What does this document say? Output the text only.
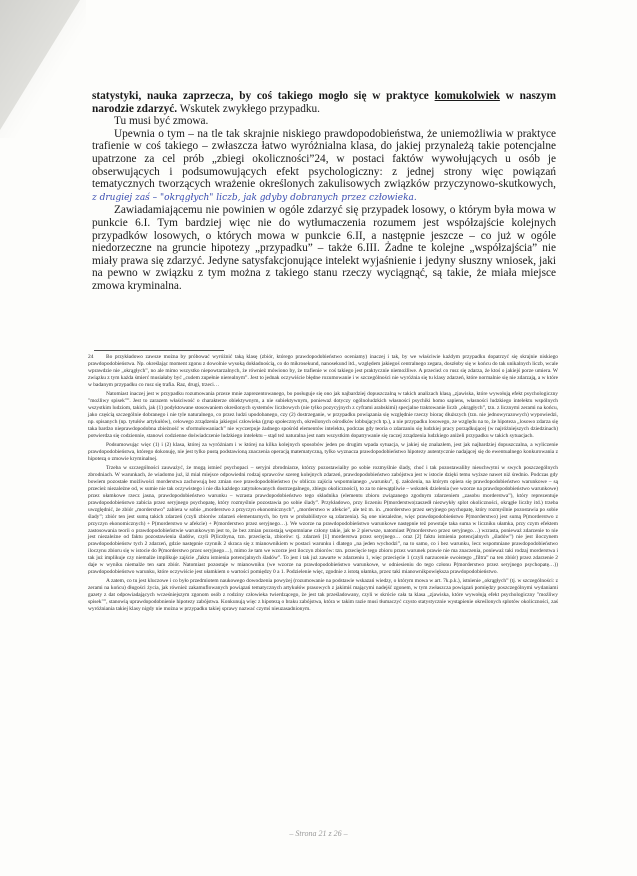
statystyki, nauka zaprzecza, by coś takiego mogło się w praktyce komukolwiek w naszym narodzie zdarzyć. Wskutek zwykłego przypadku.

Tu musi być zmowa.

Upewnia o tym – na tle tak skrajnie niskiego prawdopodobieństwa, że uniemożliwia w praktyce trafienie w coś takiego – zwłaszcza łatwo wyróżnialna klasa, do jakiej przynależą takie potencjalne upatrzone za cel prób „zbiegi okoliczności”24, w postaci faktów wywołujących u osób je obserwujących i podsumowujących efekt psychologiczny: z jednej strony więc powiązań tematycznych tworzących wrażenie określonych zakulisowych związków przyczynowo-skutkowych, z drugiej zaś – "okrągłych" liczb, jak gdyby dobranych przez człowieka.

Zawiadamiającemu nie powinien w ogóle zdarzyć się przypadek losowy, o którym była mowa w punkcie 6.I. Tym bardziej więc nie do wytłumaczenia rozumem jest współzajście kolejnych przypadków losowych, o których mowa w punkcie 6.II, a następnie jeszcze – co już w ogóle niedorzeczne na gruncie hipotezy „przypadku” – także 6.III. Żadne te kolejne „współzajścia” nie miały prawa się zdarzyć. Jedyne satysfakcjonujące intelekt wyjaśnienie i jedyny słuszny wniosek, jaki na pewno w związku z tym można z takiego stanu rzeczy wyciągnąć, są takie, że miała miejsce zmowa kryminalna.

24 Bo przykładowo zawsze można by próbować wyróżnić taką klasę (zbiór, którego prawdopodobieństwo oceniamy) inaczej i tak, by we właściwie każdym przypadku dopatrzyć się skrajnie niskiego prawdopodobieństwa. Np. określając moment zgonu z dowolnie wysoką dokładnością, co do mikrosekund, nanosekund itd., względem jakiegoś centralnego zegara, doszłoby się w końcu do tak unikalnych liczb, wcale wprawdzie nie „okrągłych”, no ale mimo wszystko niepowtarzalnych, że również mówiono by, że trafienie w coś takiego jest praktycznie niemożliwe. A przecież co rusz się zdarza, że ktoś o jakiejś porze umiera. W związku z tym każda śmierć musiałaby być „cudem zupełnie nierealnym”. Jest to jednak oczywiście błędne rozumowanie i w szczególności nie wyróżnia się tu klasy zdarzeń, które normalnie się nie zdarzają, a w które w badanym przypadku co rusz się trafia. Raz, drugi, trzeci…

Natomiast inaczej jest w przypadku rozumowania przeze mnie zaprezentowanego, bo posługuje się ono jak najbardziej dopuszczalną w takich analizach klasą „zjawiska, które wywołują efekt psychologiczny "możliwy spisek"”. Jest to zarazem właściwość o charakterze obiektywnym, a nie subiektywnym, ponieważ dotyczy ogólnoludzkich własności psychiki homo sapiens, własności ludzkiego intelektu wspólnych wszystkim ludziom, takich, jak (1) podyktowane stosowaniem określonych systemów liczbowych (nie tylko pozycyjnych z cyframi arabskimi) specjalne traktowanie liczb „okrągłych”, tzn. z licznymi zerami na końcu, jako częścią szczególnie dobranego i nie tyle naturalnego, co przez ludzi upodobanego, czy (2) dostrzeganie, w przypadku powiązania się względnie rzeczy bioraç dłuższych (tzn. nie jednowyrazowych) wypowiedzi, np. spisanych (np. tytułów artykułów), celowego zrządzenia jakiegoś człowieka (grup społecznych, określonych ośrodków lobbujących tp.), a nie przypadku losowego, ze względu na to, że hipoteza „losowo zdarza się taka bardzo nieprawdopodobna zbieżność w sformułowaniach” nie wyczerpuje żadnego spośród elementów intelektu, podczas gdy teoria o zdarzaniu się ludzkiej pracy porządkującej (w najróżniejszych dziedzinach) potwierdza się codziennie, stanowi codzienne doświadczenie ludzkiego intelektu – stąd też naturalna jest nam wszystkim dopatrywanie się raczej zrządzenia ludzkiego aniżeli przypadku w takich sytuacjach.

Podsumowując więc (1) i (2) klasa, której za wyróżniam i w której na kilka kolejnych sposobów jeden po drugim wpada sytuacja, w jakiej się znalazłem, jest jak najbardziej dopuszczalna, a wyliczenie prawdopodobieństwa, którego dokonuję, nie jest tylko pustą podstawioną znaczenia operacją matematyczną, tylko wyznacza prawdopodobieństwo hipotezy autentycznie nadającej się do ewentualnego konkurowania z hipotezą o zmowie kryminalnej.

Trzeba w szczególności zauważyć, że mogą istnieć psychopaci – seryjni zbrodniarze, którzy pozostawiaiby po sobie rozmyślnie ślady, choć i tak pozostawaliby nieuchwytni w swych poszczególnych zbrodniach. W warunkach, że wiadomo już, iż mial miejsce odpowiedni rodzaj sprawców szereg kolejnych zdarzeń, prawdopodobieństwo zabójstwa jest w istocie dzięki temu wyższe nawet niż średnio. Podczas gdy bowiem pozostałe możliwości morderstwa zachowują bez zmian swe prawdopodobieństwo (w obliczu zajścia wspomnianego „warunku”, tj. założenia, na którym opiera się prawdopodobieństwo warunkowe – są przecież niezależne od, w sumie nie tak oczywistego i nie dla każdego zatytułowanych dostrzegalnego, zbiegu okoliczności), to za to niewątpliwie – wskutek dzielenia (we wzorze na prawdopodobieństwo warunkowe) przez ułamkowe rzecz jasna, prawdopodobieństwo warunku – wzrasta prawdopodobieństwo tego składnika (elementu zbioru związanego zgodnym zdarzeniem „zasobu morderstwa”), który reprezentuje prawdopodobieństwo zabicia przez seryjnego psychopatę, który rozmyślnie pozostawia po sobie ślady”. Przykładowo, przy liczeniu P(morderstwo|zaszedł niezwykły splot okoliczności, okrągłe liczby itd.) trzeba uwzględnić, że zbiór „morderstwo” zabiera w sobie „morderstwo z przyczyn ekonomicznych”, „morderstwo w afekcie”, ale też m. in. „morderstwo przez seryjnego psychopatę, który rozmyślnie pozostawia po sobie ślady”; zbiór ten jest sumą takich zdarzeń (czyli zbiorów zdarzeń elementarnych, bo tym w probabilistyce są zdarzenia). Są one niezależne, więc prawdopodobieństwo P(morderstwo) jest sumą P(morderstwo z przyczyn ekonomicznych) + P(morderstwo w afekcie) + P(morderstwo przez seryjnego…). We wzorze na prawdopodobieństwo warunkowe następnie też powstaje taka suma w liczniku ułamka, przy czym efektem zastosowania teorii o prawdopodobieństwie warunkowym jest to, że bez zmian pozostają wspomniane człony takie, jak te 2 pierwsze, natomiast P(morderstwo przez seryjnego…) wzrasta, ponieważ zdarzenie to nie jest niezależne od faktu pozostawienia śladów, czyli P(liczbyna, tzn. przecięcia, zbiorów: tj. zdarzeń [1] morderstwa przez seryjnego… oraz [2] faktu istnienia potencjalnych „śladów”) nie jest iloczynem prawdopodobieństw tych 2 zdarzeń, gdzie następnie czynnik 2 skraca się z mianownikiem w postaci warunku i dlatego „na jeden wychodzi”, na to samo, co i bez warunku, lecz wspomniane prawdopodobieństwo iloczynu zbioru się w istocie do P(morderstwo przez seryjnego…), mimo że tam we wzorze jest iloczyn zbiorów: tzn. przecięcie tego zbioru przez warunek prawie nie ma znaczenia, ponieważ taki rodzaj morderstwa i tak już implikuje czy niemalże implikuje zajście „faktu istnienia potencjalnych śladów”. To jest i tak już zawarte w zdarzeniu 1, więc przecięcie 1 (czyli narzucenie swoistego „filtra” na ten zbiór) przez zdarzenie 2 daje w wyniku niemalże ten sam zbiór. Natomiast pozostaje w mianowniku (we wzorze na prawdopodobieństwo warunkowe, w odniesieniu do tego członu P(morderstwo przez seryjnego psychopatę…)) prawdopodobieństwo warunku, które oczywiście jest ułamkiem o wartości pomiędzy 0 a 1. Podzielenie więc, zgodnie z istotą ułamka, przez taki mianownikpowiększa prawdopodobieństwo.

A zatem, co tu jest kluczowe i co było przedmiotem naukowego dowodzenia powyżej (rozumowanie na podstawie wskazań wiedzy, o którym mowa w art. 7k.p.k.), istnienie „okrągłych” (tj. w szczególności: z zerami na końcu) długości życia, jak również zakamuflowanych powiązań tematycznych artykułów prasowych z jakimiś mającymi nadejść zgonem, w tym zwłaszcza powiązań pomiędzy poszczególnymi wydaniami gazety z dat odpowiadających wcześniejszym zgonom osób z rodziny człowieka twierdzącego, że jest tak prześladowany, czyli w skrócie cała ta klasa „zjawiska, które wywołują efekt psychologiczny "możliwy spisek"”, stanowią uprawdopodobnienie hipotezy zabójstwa. Konkunują więc z hipotezą o braku zabójstwa, która w takim razie musi tłumaczyć czysto statystycznie wystąpienie określonych splotów okoliczności, zaś wyróżniania takiej klasy nigdy nie można w przypadku takiej sprawy nazwać czymś nieuzasadnionym.

– Strona 21 z 26 –
